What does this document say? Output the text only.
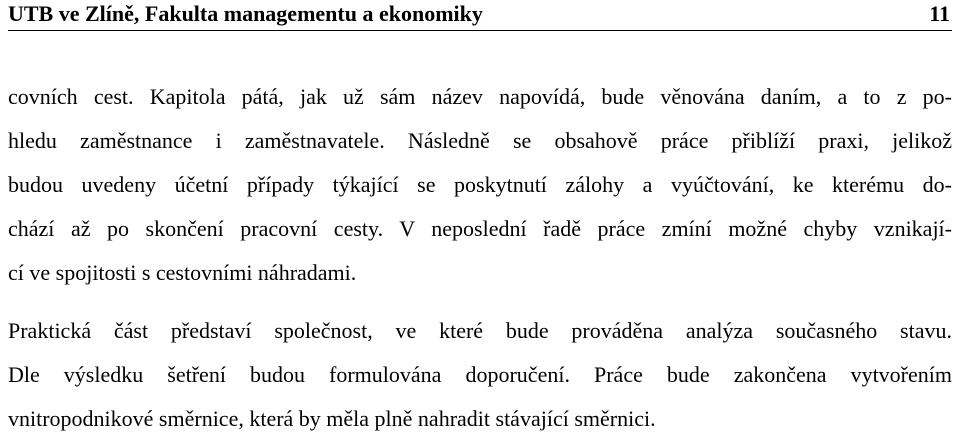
UTB ve Zlíně, Fakulta managementu a ekonomiky	11
covních cest. Kapitola pátá, jak už sám název napovídá, bude věnována daním, a to z po-
hledu zaměstnance i zaměstnavatele. Následně se obsahově práce přiblíží praxi, jelikož
budou uvedeny účetní případy týkající se poskytnutí zálohy a vyúčtování, ke kterému do-
chází až po skončení pracovní cesty. V neposlední řadě práce zmíní možné chyby vznikají-
cí ve spojitosti s cestovními náhradami.
Praktická část představí společnost, ve které bude prováděna analýza současného stavu.
Dle výsledku šetření budou formulována doporučení. Práce bude zakončena vytvořením
vnitropodnikové směrnice, která by měla plně nahradit stávající směrnici.
